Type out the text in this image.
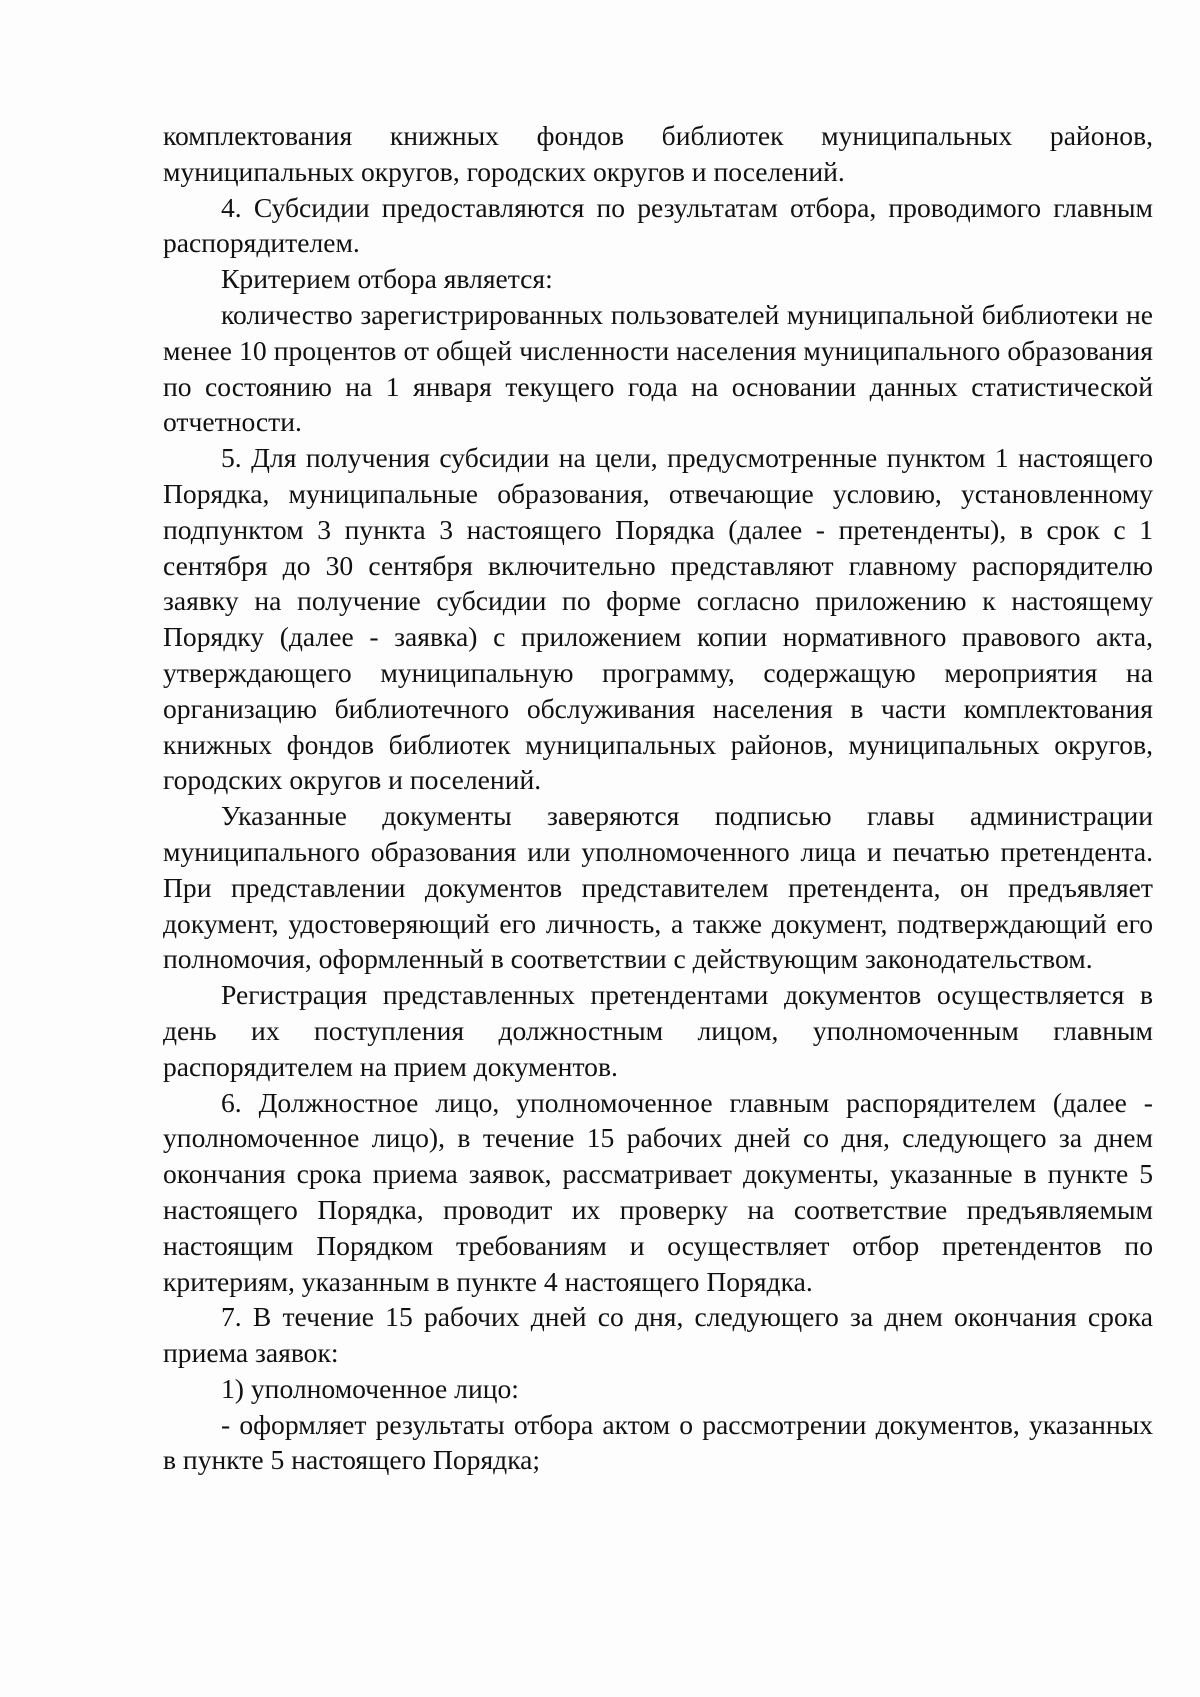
комплектования книжных фондов библиотек муниципальных районов, муниципальных округов, городских округов и поселений.

4. Субсидии предоставляются по результатам отбора, проводимого главным распорядителем.

Критерием отбора является:

количество зарегистрированных пользователей муниципальной библиотеки не менее 10 процентов от общей численности населения муниципального образования по состоянию на 1 января текущего года на основании данных статистической отчетности.

5. Для получения субсидии на цели, предусмотренные пунктом 1 настоящего Порядка, муниципальные образования, отвечающие условию, установленному подпунктом 3 пункта 3 настоящего Порядка (далее - претенденты), в срок с 1 сентября до 30 сентября включительно представляют главному распорядителю заявку на получение субсидии по форме согласно приложению к настоящему Порядку (далее - заявка) с приложением копии нормативного правового акта, утверждающего муниципальную программу, содержащую мероприятия на организацию библиотечного обслуживания населения в части комплектования книжных фондов библиотек муниципальных районов, муниципальных округов, городских округов и поселений.

Указанные документы заверяются подписью главы администрации муниципального образования или уполномоченного лица и печатью претендента. При представлении документов представителем претендента, он предъявляет документ, удостоверяющий его личность, а также документ, подтверждающий его полномочия, оформленный в соответствии с действующим законодательством.

Регистрация представленных претендентами документов осуществляется в день их поступления должностным лицом, уполномоченным главным распорядителем на прием документов.

6. Должностное лицо, уполномоченное главным распорядителем (далее - уполномоченное лицо), в течение 15 рабочих дней со дня, следующего за днем окончания срока приема заявок, рассматривает документы, указанные в пункте 5 настоящего Порядка, проводит их проверку на соответствие предъявляемым настоящим Порядком требованиям и осуществляет отбор претендентов по критериям, указанным в пункте 4 настоящего Порядка.

7. В течение 15 рабочих дней со дня, следующего за днем окончания срока приема заявок:

1) уполномоченное лицо:

- оформляет результаты отбора актом о рассмотрении документов, указанных в пункте 5 настоящего Порядка;
